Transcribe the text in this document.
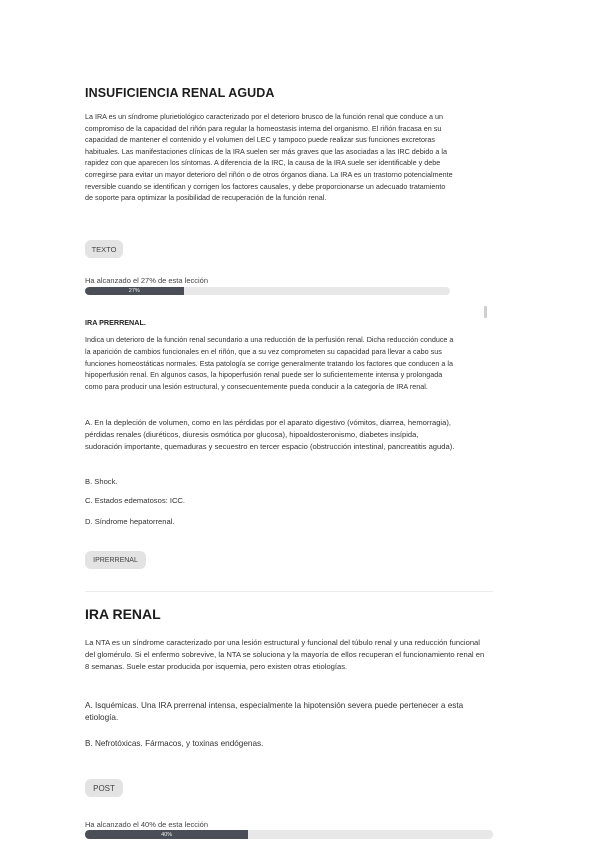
INSUFICIENCIA RENAL AGUDA
La IRA es un síndrome plurietiológico caracterizado por el deterioro brusco de la función renal que conduce a un compromiso de la capacidad del riñón para regular la homeostasis interna del organismo. El riñón fracasa en su capacidad de mantener el contenido y el volumen del LEC y tampoco puede realizar sus funciones excretoras habituales. Las manifestaciones clínicas de la IRA suelen ser más graves que las asociadas a las IRC debido a la rapidez con que aparecen los síntomas. A diferencia de la IRC, la causa de la IRA suele ser identificable y debe corregirse para evitar un mayor deterioro del riñón o de otros órganos diana. La IRA es un trastorno potencialmente reversible cuando se identifican y corrigen los factores causales, y debe proporcionarse un adecuado tratamiento de soporte para optimizar la posibilidad de recuperación de la función renal.
TEXTO
Ha alcanzado el 27% de esta lección
27%
IRA PRERRENAL.
Indica un deterioro de la función renal secundario a una reducción de la perfusión renal. Dicha reducción conduce a la aparición de cambios funcionales en el riñón, que a su vez comprometen su capacidad para llevar a cabo sus funciones homeostáticas normales. Esta patología se corrige generalmente tratando los factores que conducen a la hipoperfusión renal. En algunos casos, la hipoperfusión renal puede ser lo suficientemente intensa y prolongada como para producir una lesión estructural, y consecuentemente pueda conducir a la categoría de IRA renal.
A. En la depleción de volumen, como en las pérdidas por el aparato digestivo (vómitos, diarrea, hemorragia), pérdidas renales (diuréticos, diuresis osmótica por glucosa), hipoaldosteronismo, diabetes insípida, sudoración importante, quemaduras y secuestro en tercer espacio (obstrucción intestinal, pancreatitis aguda).
B. Shock.
C. Estados edematosos: ICC.
D. Síndrome hepatorrenal.
IPRERRENAL
IRA RENAL
La NTA es un síndrome caracterizado por una lesión estructural y funcional del túbulo renal y una reducción funcional del glomérulo. Si el enfermo sobrevive, la NTA se soluciona y la mayoría de ellos recuperan el funcionamiento renal en 8 semanas. Suele estar producida por isquemia, pero existen otras etiologías.
A. Isquémicas. Una IRA prerrenal intensa, especialmente la hipotensión severa puede pertenecer a esta etiología.
B. Nefrotóxicas. Fármacos, y toxinas endógenas.
POST
Ha alcanzado el 40% de esta lección
40%
